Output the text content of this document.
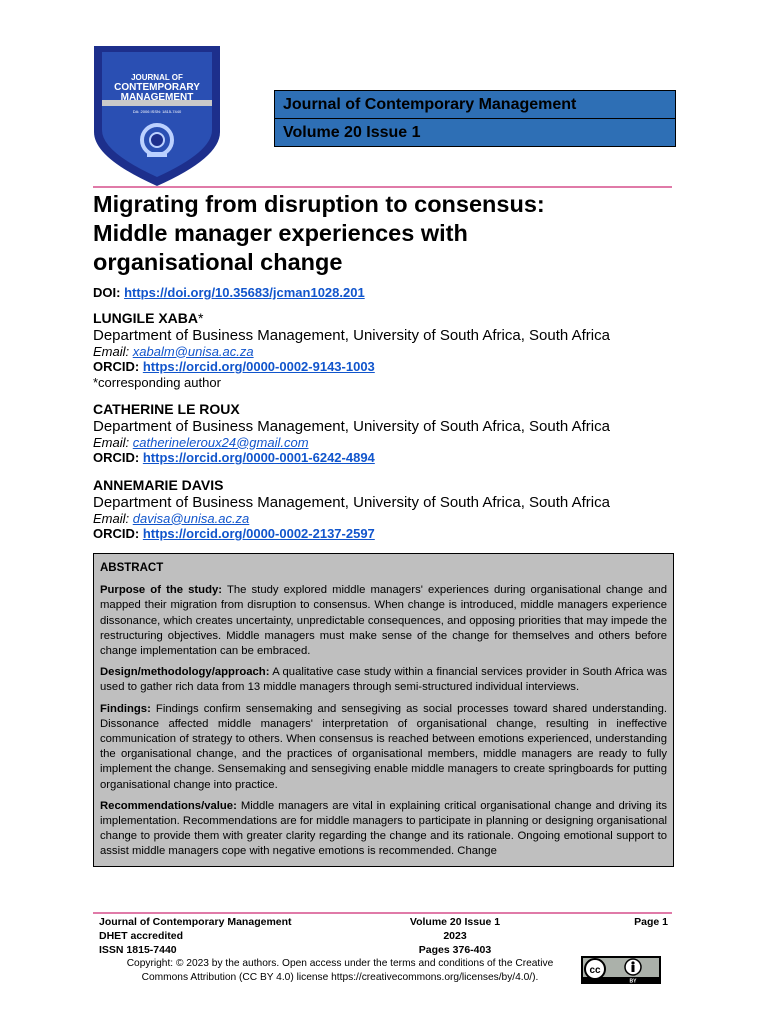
JOURNAL OF
CONTEMPORARY
MANAGEMENT
DA: 2006 ISSN: 1815-7440	Journal of Contemporary Management
Volume 20 Issue 1
Migrating from disruption to consensus:
Middle manager experiences with
organisational change
DOI: https://doi.org/10.35683/jcman1028.201
LUNGILE XABA*
Department of Business Management, University of South Africa, South Africa
Email: xabalm@unisa.ac.za
ORCID: https://orcid.org/0000-0002-9143-1003
*corresponding author
CATHERINE LE ROUX
Department of Business Management, University of South Africa, South Africa
Email: catherineleroux24@gmail.com
ORCID: https://orcid.org/0000-0001-6242-4894
ANNEMARIE DAVIS
Department of Business Management, University of South Africa, South Africa
Email: davisa@unisa.ac.za
ORCID: https://orcid.org/0000-0002-2137-2597
ABSTRACT

Purpose of the study: The study explored middle managers' experiences during organisational change and mapped their migration from disruption to consensus. When change is introduced, middle managers experience dissonance, which creates uncertainty, unpredictable consequences, and opposing priorities that may impede the restructuring objectives. Middle managers must make sense of the change for themselves and others before change implementation can be embraced.

Design/methodology/approach: A qualitative case study within a financial services provider in South Africa was used to gather rich data from 13 middle managers through semi-structured individual interviews.

Findings: Findings confirm sensemaking and sensegiving as social processes toward shared understanding. Dissonance affected middle managers' interpretation of organisational change, resulting in ineffective communication of strategy to others. When consensus is reached between emotions experienced, understanding the organisational change, and the practices of organisational members, middle managers are ready to fully implement the change. Sensemaking and sensegiving enable middle managers to create springboards for putting organisational change into practice.

Recommendations/value: Middle managers are vital in explaining critical organisational change and driving its implementation. Recommendations are for middle managers to participate in planning or designing organisational change to provide them with greater clarity regarding the change and its rationale. Ongoing emotional support to assist middle managers cope with negative emotions is recommended. Change

Journal of Contemporary Management
DHET accredited
ISSN 1815-7440
Volume 20 Issue 1
2023
Pages 376-403
Page 1
Copyright: © 2023 by the authors. Open access under the terms and conditions of the Creative
Commons Attribution (CC BY 4.0) license https://creativecommons.org/licenses/by/4.0/).
cc
BY
